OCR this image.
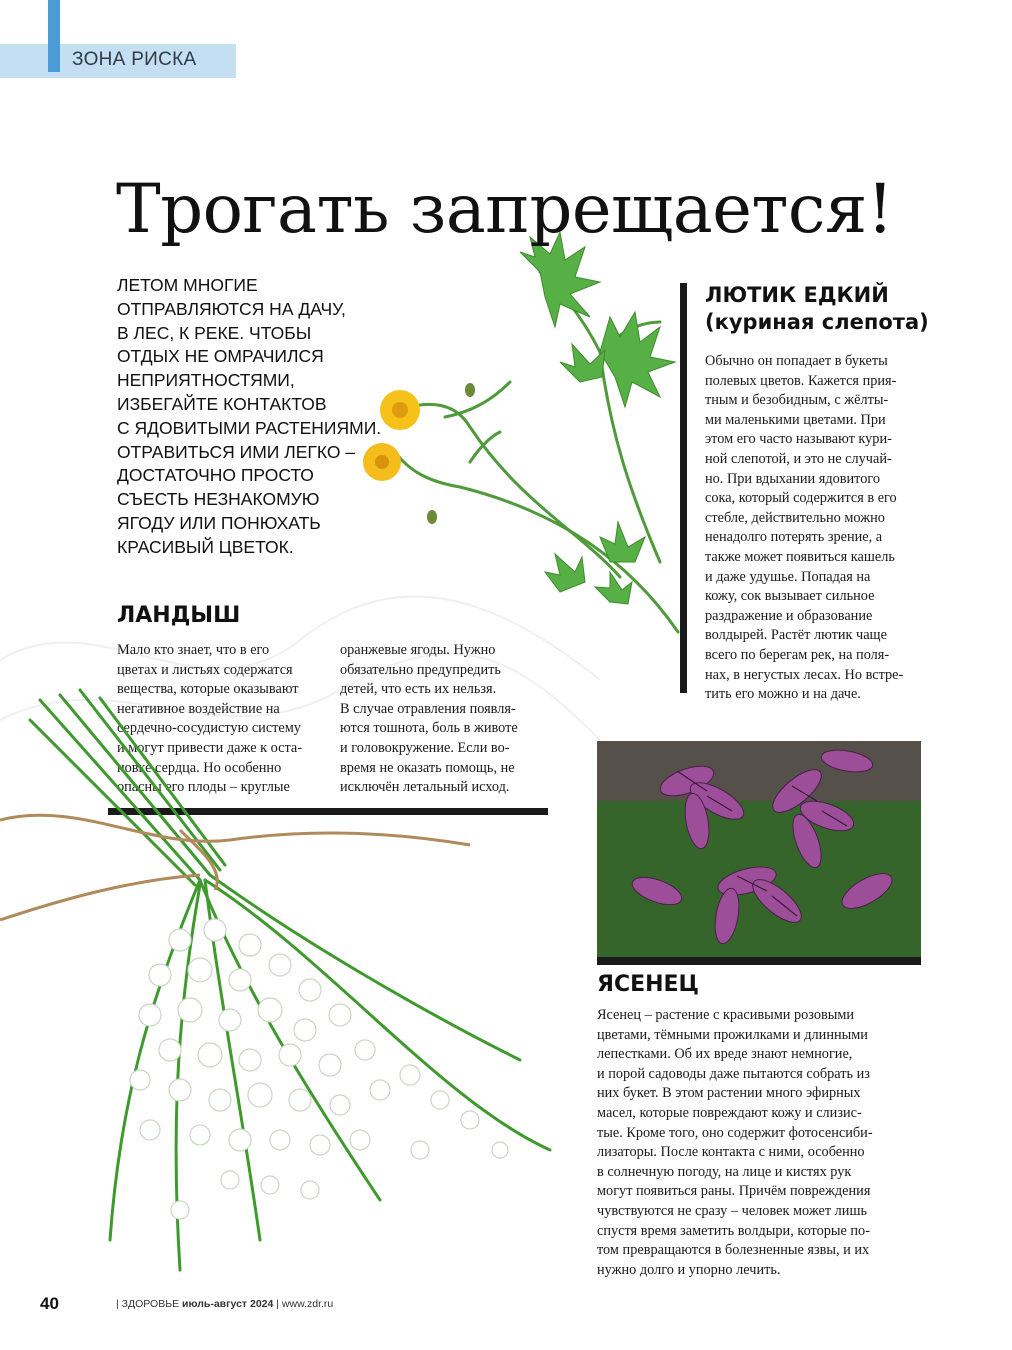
ЗОНА РИСКА
Трогать запрещается!
ЛЕТОМ МНОГИЕ
ОТПРАВЛЯЮТСЯ НА ДАЧУ,
В ЛЕС, К РЕКЕ. ЧТОБЫ
ОТДЫХ НЕ ОМРАЧИЛСЯ
НЕПРИЯТНОСТЯМИ,
ИЗБЕГАЙТЕ КОНТАКТОВ
С ЯДОВИТЫМИ РАСТЕНИЯМИ.
ОТРАВИТЬСЯ ИМИ ЛЕГКО –
ДОСТАТОЧНО ПРОСТО
СЪЕСТЬ НЕЗНАКОМУЮ
ЯГОДУ ИЛИ ПОНЮХАТЬ
КРАСИВЫЙ ЦВЕТОК.
ЛАНДЫШ
Мало кто знает, что в его
цветах и листьях содержатся
вещества, которые оказывают
негативное воздействие на
сердечно-сосудистую систему
и могут привести даже к оста-
новке сердца. Но особенно
опасны его плоды – круглые
оранжевые ягоды. Нужно
обязательно предупредить
детей, что есть их нельзя.
В случае отравления появля-
ются тошнота, боль в животе
и головокружение. Если во-
время не оказать помощь, не
исключён летальный исход.
ЛЮТИК ЕДКИЙ
(куриная слепота)
Обычно он попадает в букеты
полевых цветов. Кажется прия-
тным и безобидным, с жёлты-
ми маленькими цветами. При
этом его часто называют кури-
ной слепотой, и это не случай-
но. При вдыхании ядовитого
сока, который содержится в его
стебле, действительно можно
ненадолго потерять зрение, а
также может появиться кашель
и даже удушье. Попадая на
кожу, сок вызывает сильное
раздражение и образование
волдырей. Растёт лютик чаще
всего по берегам рек, на поля-
нах, в негустых лесах. Но встре-
тить его можно и на даче.
ЯСЕНЕЦ
Ясенец – растение с красивыми розовыми
цветами, тёмными прожилками и длинными
лепестками. Об их вреде знают немногие,
и порой садоводы даже пытаются собрать из
них букет. В этом растении много эфирных
масел, которые повреждают кожу и слизис-
тые. Кроме того, оно содержит фотосенсиби-
лизаторы. После контакта с ними, особенно
в солнечную погоду, на лице и кистях рук
могут появиться раны. Причём повреждения
чувствуются не сразу – человек может лишь
спустя время заметить волдыри, которые по-
том превращаются в болезненные язвы, и их
нужно долго и упорно лечить.
40	| ЗДОРОВЬЕ июль-август 2024 | www.zdr.ru
